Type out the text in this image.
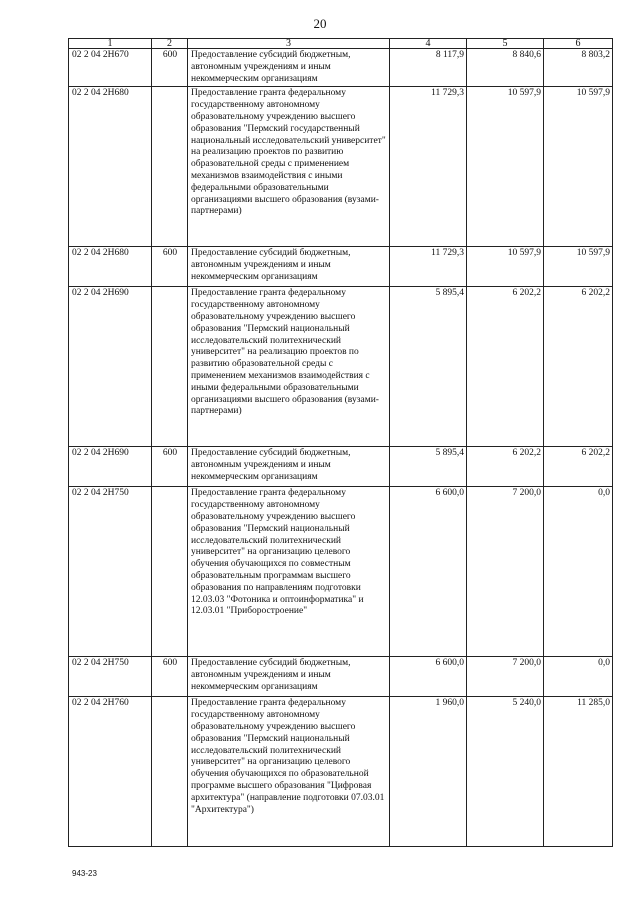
20
1	2	3	4	5	6
02 2 04 2Н670	600	Предоставление субсидий бюджетным, автономным учреждениям и иным некоммерческим организациям	8 117,9	8 840,6	8 803,2
02 2 04 2Н680		Предоставление гранта федеральному государственному автономному образовательному учреждению высшего образования "Пермский государственный национальный исследовательский университет" на реализацию проектов по развитию образовательной среды с применением механизмов взаимодействия с иными федеральными образовательными организациями высшего образования (вузами-партнерами)	11 729,3	10 597,9	10 597,9
02 2 04 2Н680	600	Предоставление субсидий бюджетным, автономным учреждениям и иным некоммерческим организациям	11 729,3	10 597,9	10 597,9
02 2 04 2Н690		Предоставление гранта федеральному государственному автономному образовательному учреждению высшего образования "Пермский национальный исследовательский политехнический университет" на реализацию проектов по развитию образовательной среды с применением механизмов взаимодействия с иными федеральными образовательными организациями высшего образования (вузами-партнерами)	5 895,4	6 202,2	6 202,2
02 2 04 2Н690	600	Предоставление субсидий бюджетным, автономным учреждениям и иным некоммерческим организациям	5 895,4	6 202,2	6 202,2
02 2 04 2Н750		Предоставление гранта федеральному государственному автономному образовательному учреждению высшего образования "Пермский национальный исследовательский политехнический университет" на организацию целевого обучения обучающихся по совместным образовательным программам высшего образования по направлениям подготовки 12.03.03 "Фотоника и оптоинформатика" и 12.03.01 "Приборостроение"	6 600,0	7 200,0	0,0
02 2 04 2Н750	600	Предоставление субсидий бюджетным, автономным учреждениям и иным некоммерческим организациям	6 600,0	7 200,0	0,0
02 2 04 2Н760		Предоставление гранта федеральному государственному автономному образовательному учреждению высшего образования "Пермский национальный исследовательский политехнический университет" на организацию целевого обучения обучающихся по образовательной программе высшего образования "Цифровая архитектура" (направление подготовки 07.03.01 "Архитектура")	1 960,0	5 240,0	11 285,0
943-23
